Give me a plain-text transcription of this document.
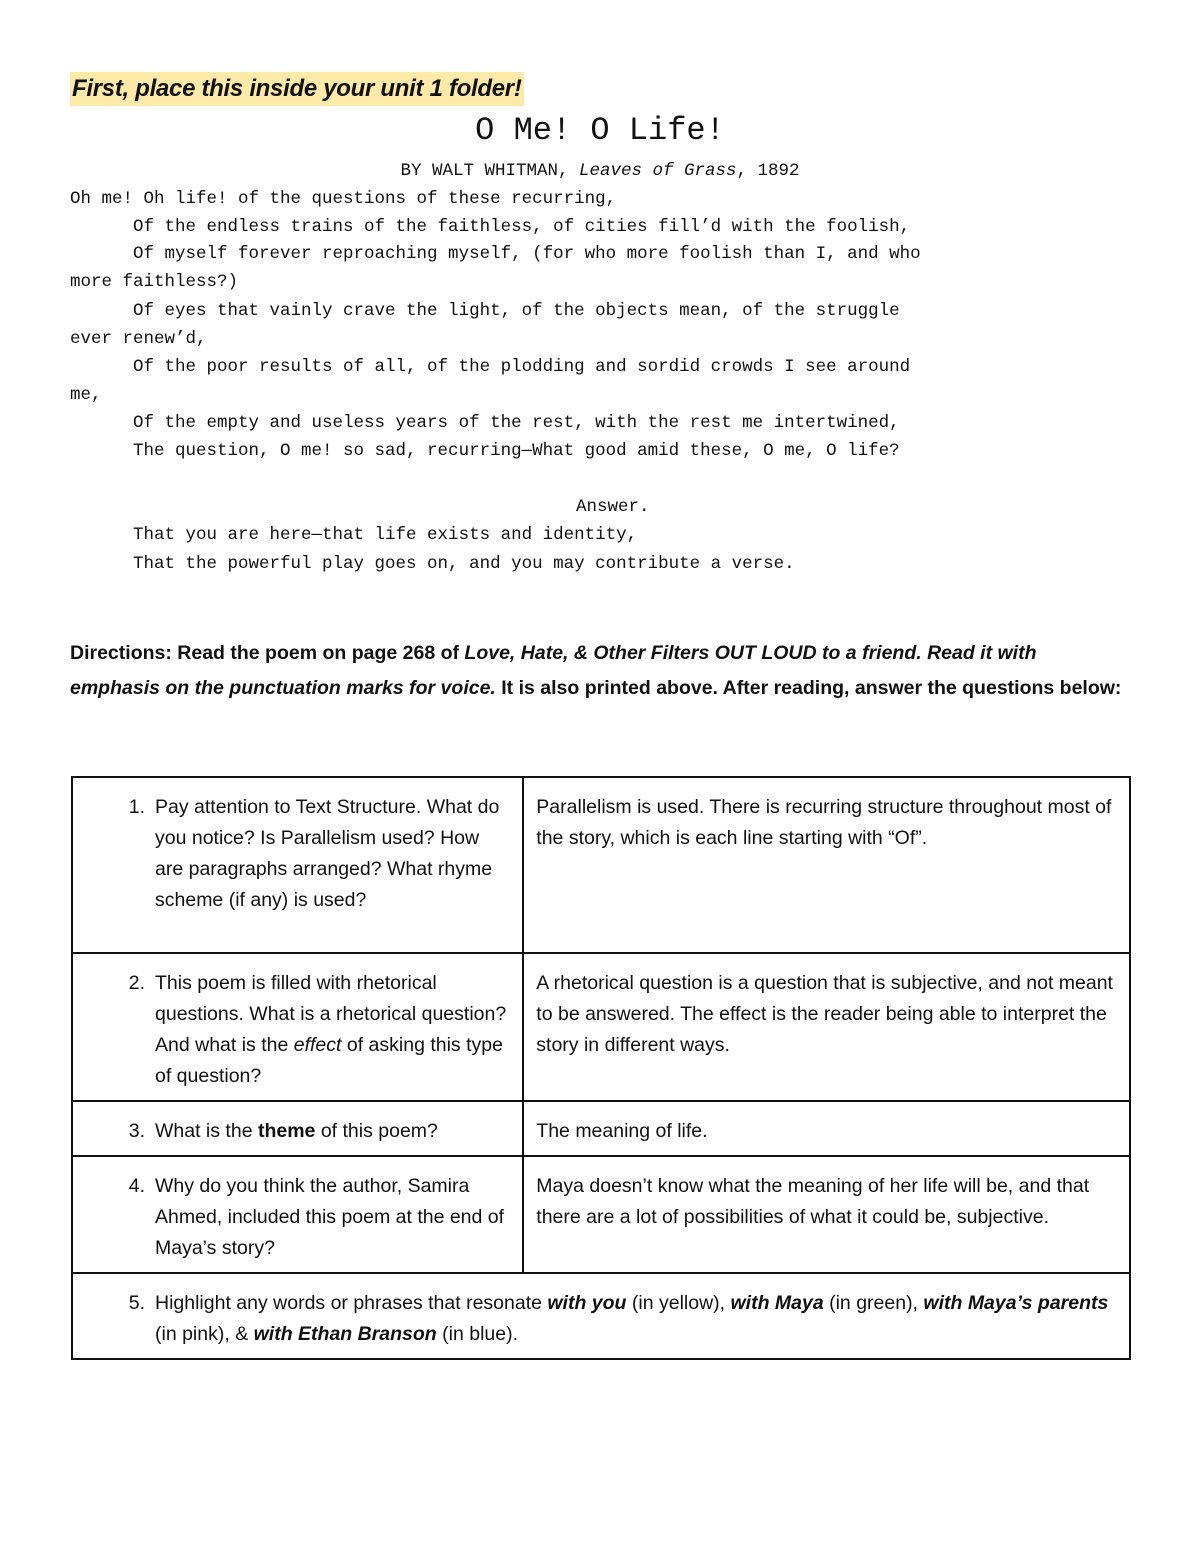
First, place this inside your unit 1 folder!
O Me! O Life!
BY WALT WHITMAN, Leaves of Grass, 1892
Oh me! Oh life! of the questions of these recurring,
Of the endless trains of the faithless, of cities fill’d with the foolish,
Of myself forever reproaching myself, (for who more foolish than I, and who
more faithless?)
Of eyes that vainly crave the light, of the objects mean, of the struggle
ever renew’d,
Of the poor results of all, of the plodding and sordid crowds I see around
me,
Of the empty and useless years of the rest, with the rest me intertwined,
The question, O me! so sad, recurring—What good amid these, O me, O life?
Answer.
That you are here—that life exists and identity,
That the powerful play goes on, and you may contribute a verse.
Directions: Read the poem on page 268 of Love, Hate, & Other Filters OUT LOUD to a friend. Read it with emphasis on the punctuation marks for voice. It is also printed above. After reading, answer the questions below:
1. Pay attention to Text Structure. What do you notice? Is Parallelism used? How are paragraphs arranged? What rhyme scheme (if any) is used?	Parallelism is used. There is recurring structure throughout most of the story, which is each line starting with “Of”.

2. This poem is filled with rhetorical questions. What is a rhetorical question? And what is the effect of asking this type of question?	A rhetorical question is a question that is subjective, and not meant to be answered. The effect is the reader being able to interpret the story in different ways.

3. What is the theme of this poem?	The meaning of life.

4. Why do you think the author, Samira Ahmed, included this poem at the end of Maya’s story?	Maya doesn’t know what the meaning of her life will be, and that there are a lot of possibilities of what it could be, subjective.

5. Highlight any words or phrases that resonate with you (in yellow), with Maya (in green), with Maya’s parents (in pink), & with Ethan Branson (in blue).	
